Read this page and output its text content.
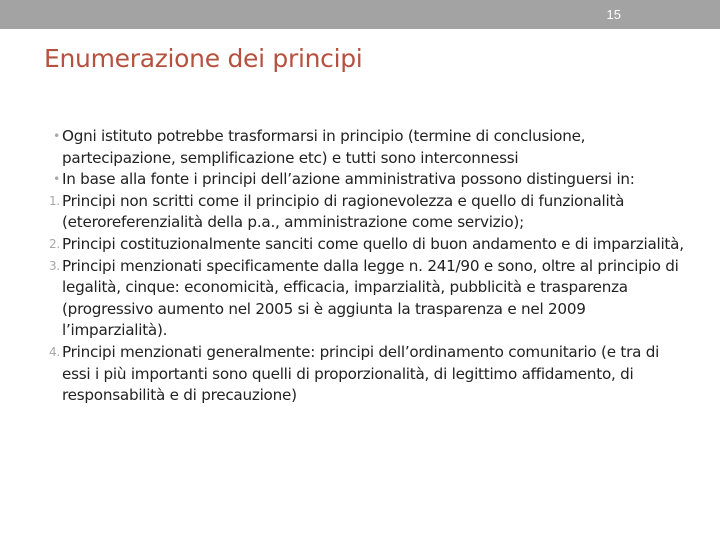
15
Enumerazione dei principi
• Ogni istituto potrebbe trasformarsi in principio (termine di conclusione, partecipazione, semplificazione etc) e tutti sono interconnessi
• In base alla fonte i principi dell’azione amministrativa possono distinguersi in:
1. Principi non scritti come il principio di ragionevolezza e quello di funzionalità (eteroreferenzialità della p.a., amministrazione come servizio);
2. Principi costituzionalmente sanciti come quello di buon andamento e di imparzialità,
3. Principi menzionati specificamente dalla legge n. 241/90 e sono, oltre al principio di legalità, cinque: economicità, efficacia, imparzialità, pubblicità e trasparenza (progressivo aumento nel 2005 si è aggiunta la trasparenza e nel 2009 l’imparzialità).
4. Principi menzionati generalmente: principi dell’ordinamento comunitario (e tra di essi i più importanti sono quelli di proporzionalità, di legittimo affidamento, di responsabilità e di precauzione)
